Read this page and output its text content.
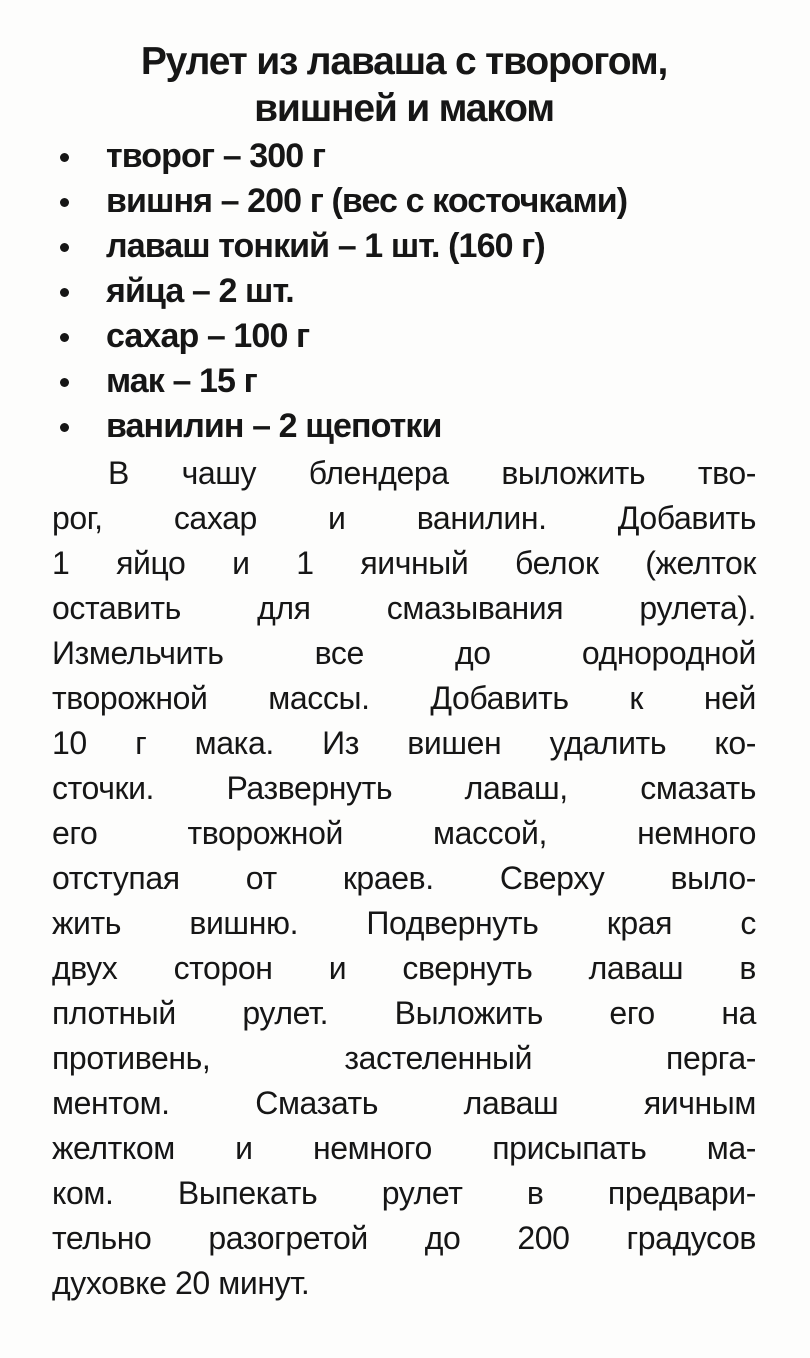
Рулет из лаваша с творогом,
вишней и маком
творог – 300 г
вишня – 200 г (вес с косточками)
лаваш тонкий – 1 шт. (160 г)
яйца – 2 шт.
сахар – 100 г
мак – 15 г
ванилин – 2 щепотки
В чашу блендера выложить тво-
рог, сахар и ванилин. Добавить
1 яйцо и 1 яичный белок (желток
оставить для смазывания рулета).
Измельчить все до однородной
творожной массы. Добавить к ней
10 г мака. Из вишен удалить ко-
сточки. Развернуть лаваш, смазать
его творожной массой, немного
отступая от краев. Сверху выло-
жить вишню. Подвернуть края с
двух сторон и свернуть лаваш в
плотный рулет. Выложить его на
противень, застеленный перга-
ментом. Смазать лаваш яичным
желтком и немного присыпать ма-
ком. Выпекать рулет в предвари-
тельно разогретой до 200 градусов
духовке 20 минут.
